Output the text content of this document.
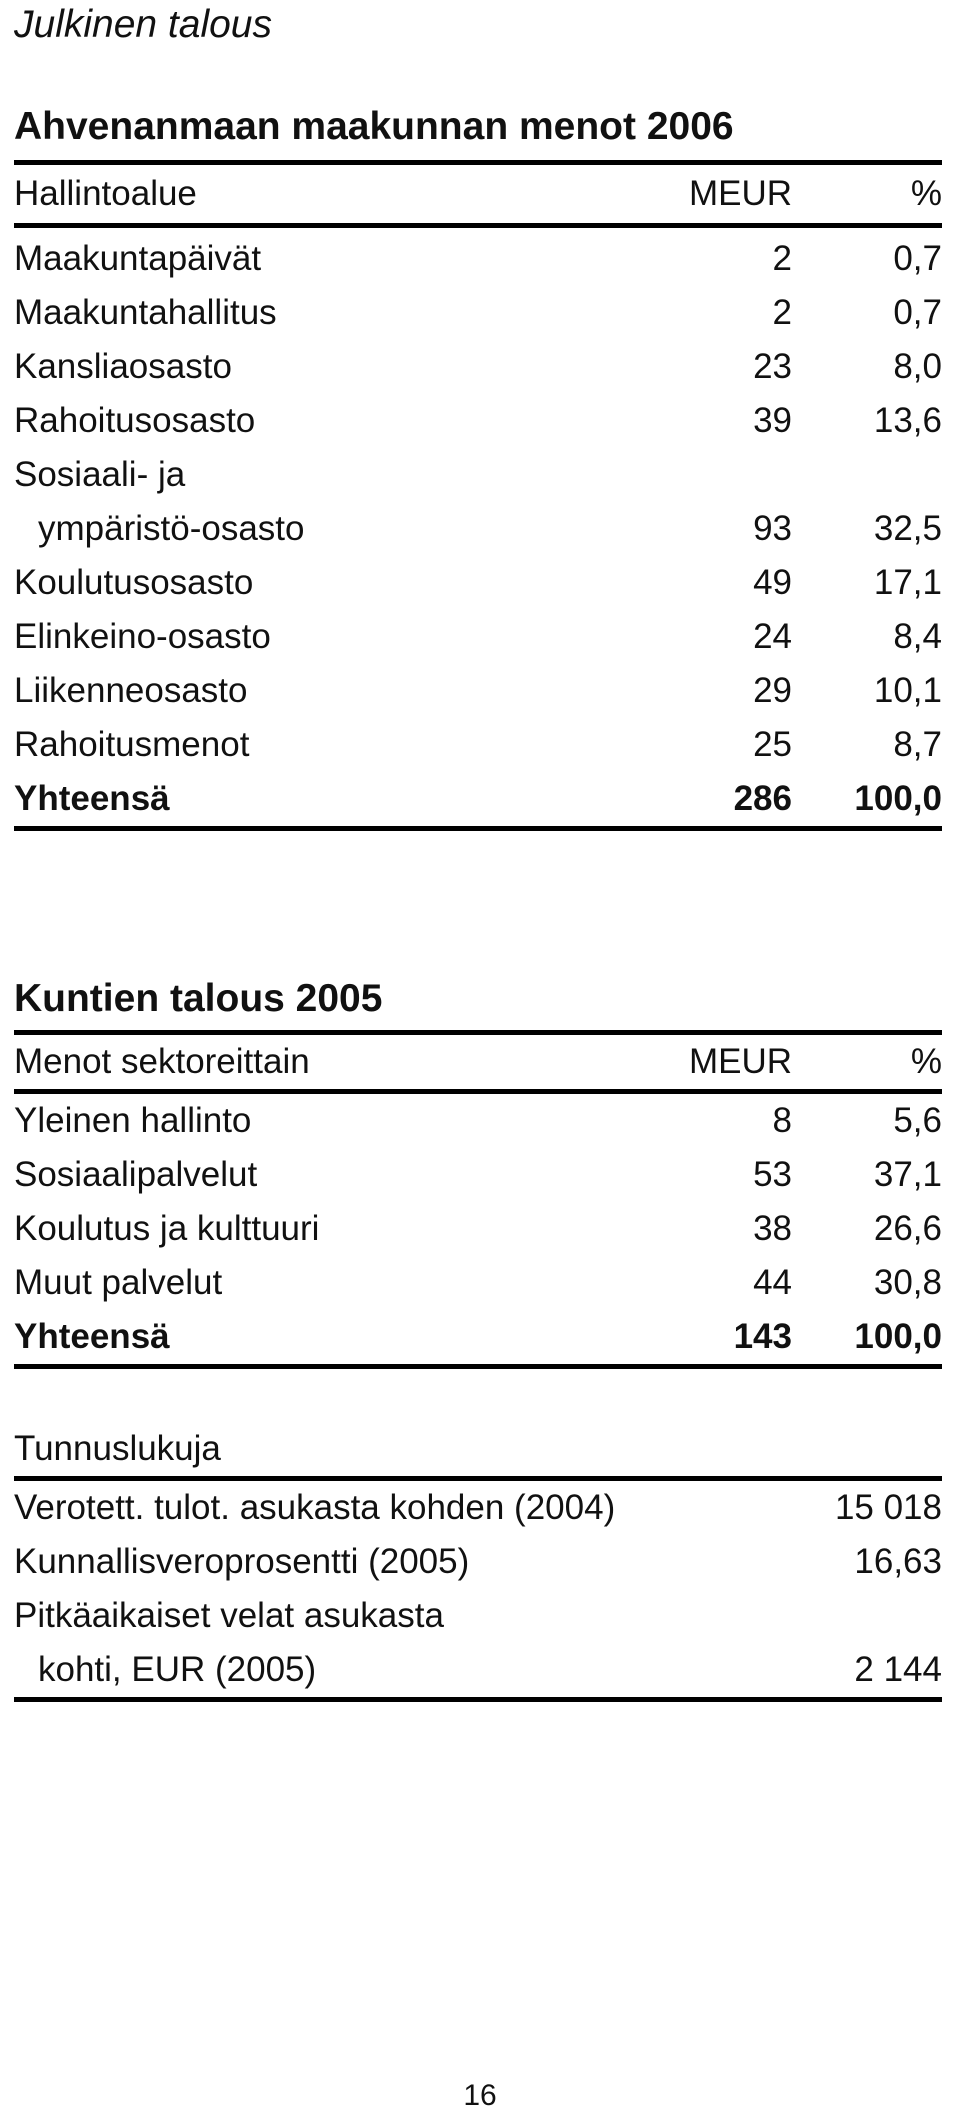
Julkinen talous
Ahvenanmaan maakunnan menot 2006
Hallintoalue	MEUR	%
Maakuntapäivät	2	0,7
Maakuntahallitus	2	0,7
Kansliaosasto	23	8,0
Rahoitusosasto	39 13,6
Sosiaali- ja
ympäristö-osasto	93 32,5
Koulutusosasto	49 17,1
Elinkeino-osasto	24	8,4
Liikenneosasto	29 10,1
Rahoitusmenot	25	8,7
Yhteensä	286 100,0
Kuntien talous 2005
Menot sektoreittain	MEUR	%
Yleinen hallinto	8	5,6
Sosiaalipalvelut	53 37,1
Koulutus ja kulttuuri	38 26,6
Muut palvelut	44 30,8
Yhteensä	143 100,0
Tunnuslukuja
Verotett. tulot. asukasta kohden (2004)	15 018
Kunnallisveroprosentti (2005)	16,63
Pitkäaikaiset velat asukasta
kohti, EUR (2005)	2 144
16
